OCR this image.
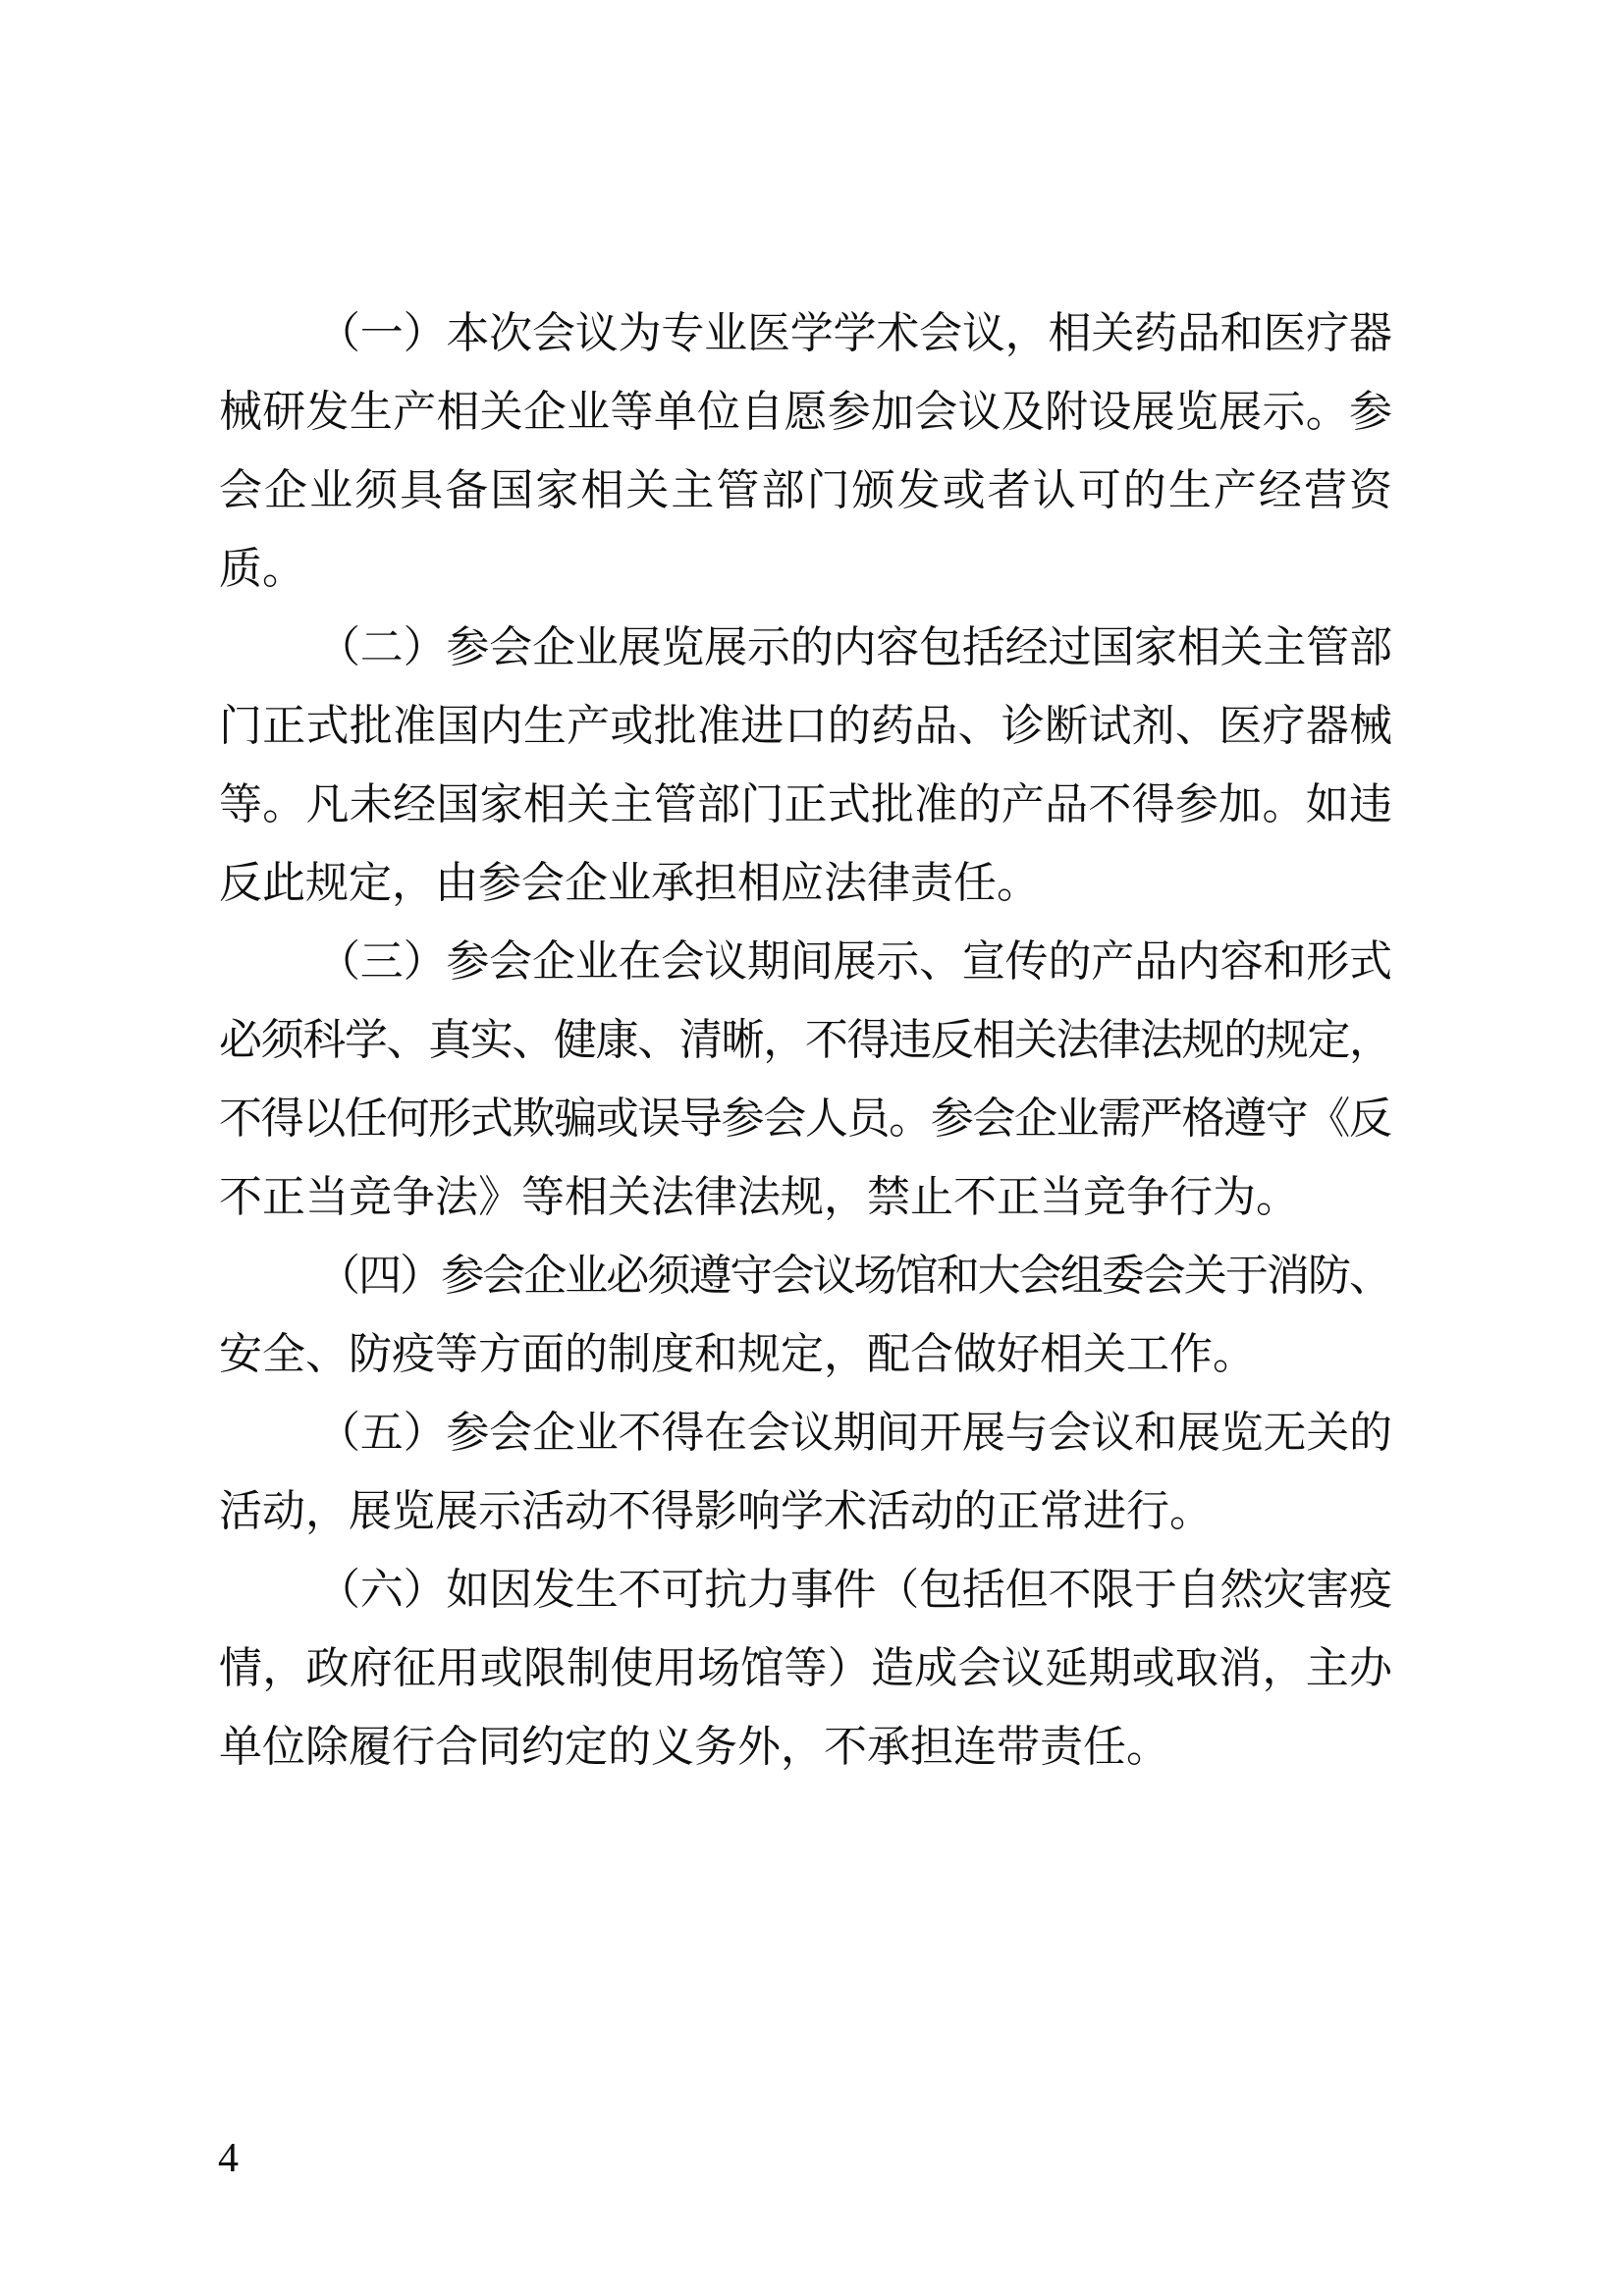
（一）本次会议为专业医学学术会议，相关药品和医疗器
械研发生产相关企业等单位自愿参加会议及附设展览展示。参
会企业须具备国家相关主管部门颁发或者认可的生产经营资
质。
（二）参会企业展览展示的内容包括经过国家相关主管部
门正式批准国内生产或批准进口的药品、诊断试剂、医疗器械
等。凡未经国家相关主管部门正式批准的产品不得参加。如违
反此规定，由参会企业承担相应法律责任。
（三）参会企业在会议期间展示、宣传的产品内容和形式
必须科学、真实、健康、清晰，不得违反相关法律法规的规定，
不得以任何形式欺骗或误导参会人员。参会企业需严格遵守《反
不正当竞争法》等相关法律法规，禁止不正当竞争行为。
（四）参会企业必须遵守会议场馆和大会组委会关于消防、
安全、防疫等方面的制度和规定，配合做好相关工作。
（五）参会企业不得在会议期间开展与会议和展览无关的
活动，展览展示活动不得影响学术活动的正常进行。
（六）如因发生不可抗力事件（包括但不限于自然灾害疫
情，政府征用或限制使用场馆等）造成会议延期或取消，主办
单位除履行合同约定的义务外，不承担连带责任。
4
